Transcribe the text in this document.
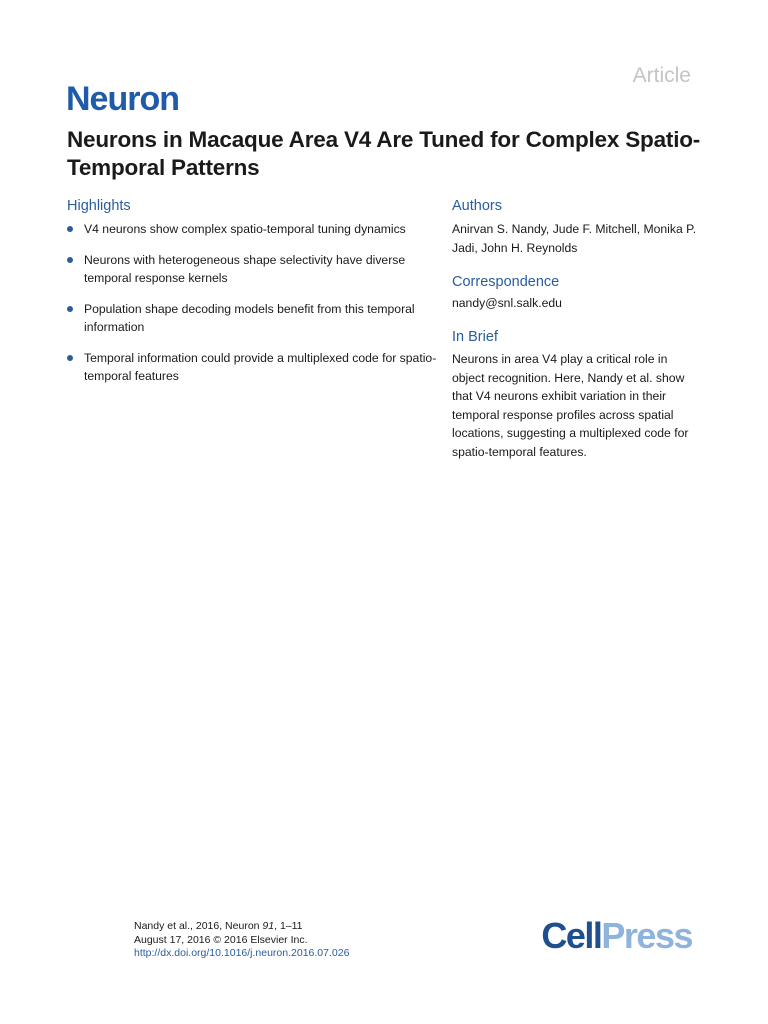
Article
Neuron
Neurons in Macaque Area V4 Are Tuned for Complex Spatio-Temporal Patterns
Highlights
V4 neurons show complex spatio-temporal tuning dynamics
Neurons with heterogeneous shape selectivity have diverse temporal response kernels
Population shape decoding models benefit from this temporal information
Temporal information could provide a multiplexed code for spatio-temporal features
Authors
Anirvan S. Nandy, Jude F. Mitchell, Monika P. Jadi, John H. Reynolds
Correspondence
nandy@snl.salk.edu
In Brief
Neurons in area V4 play a critical role in object recognition. Here, Nandy et al. show that V4 neurons exhibit variation in their temporal response profiles across spatial locations, suggesting a multiplexed code for spatio-temporal features.
Nandy et al., 2016, Neuron 91, 1–11
August 17, 2016 © 2016 Elsevier Inc.
http://dx.doi.org/10.1016/j.neuron.2016.07.026	CellPress
